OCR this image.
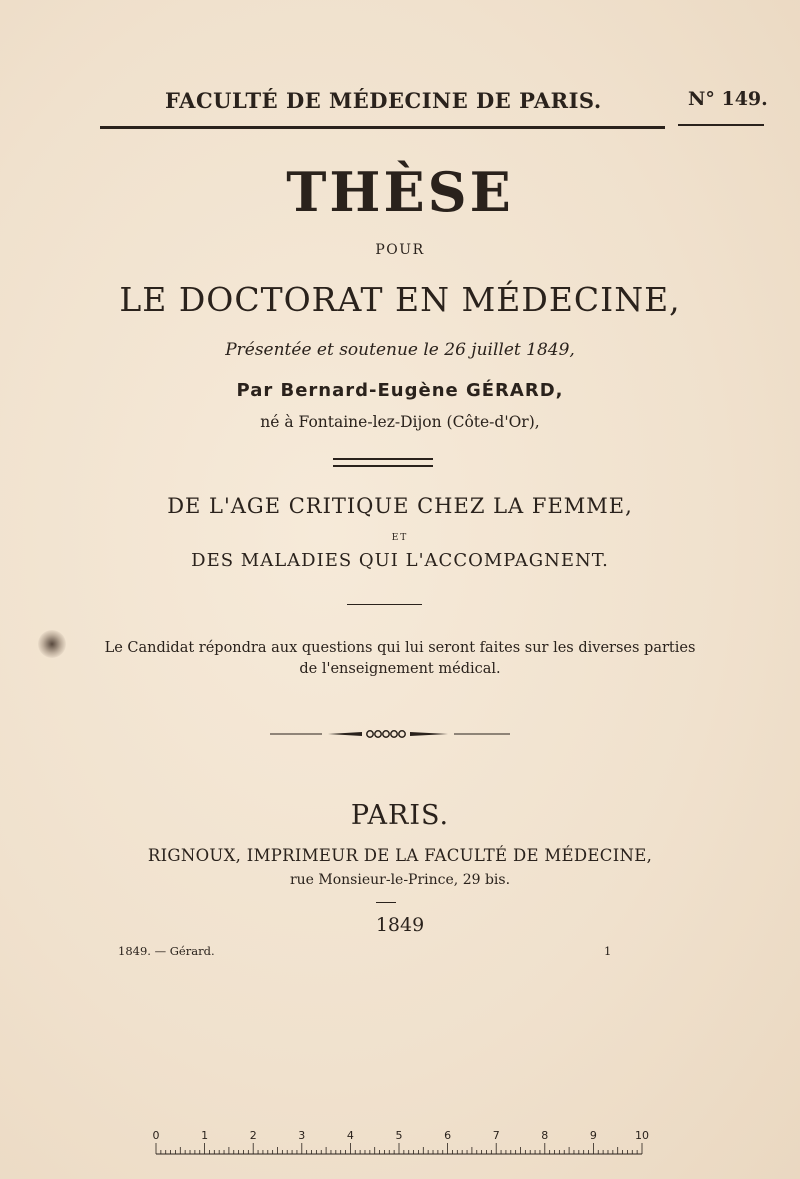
FACULTÉ DE MÉDECINE DE PARIS.	N° 149.
THÈSE
POUR
LE DOCTORAT EN MÉDECINE,
Présentée et soutenue le 26 juillet 1849,
Par Bernard-Eugène GÉRARD,
né à Fontaine-lez-Dijon (Côte-d'Or),
DE L'AGE CRITIQUE CHEZ LA FEMME,
ET
DES MALADIES QUI L'ACCOMPAGNENT.
Le Candidat répondra aux questions qui lui seront faites sur les diverses parties
de l'enseignement médical.
PARIS.
RIGNOUX, IMPRIMEUR DE LA FACULTÉ DE MÉDECINE,
rue Monsieur-le-Prince, 29 bis.
1849
1849. — Gérard.	1
0	1	2	3	4	5	6	7	8	9	10
